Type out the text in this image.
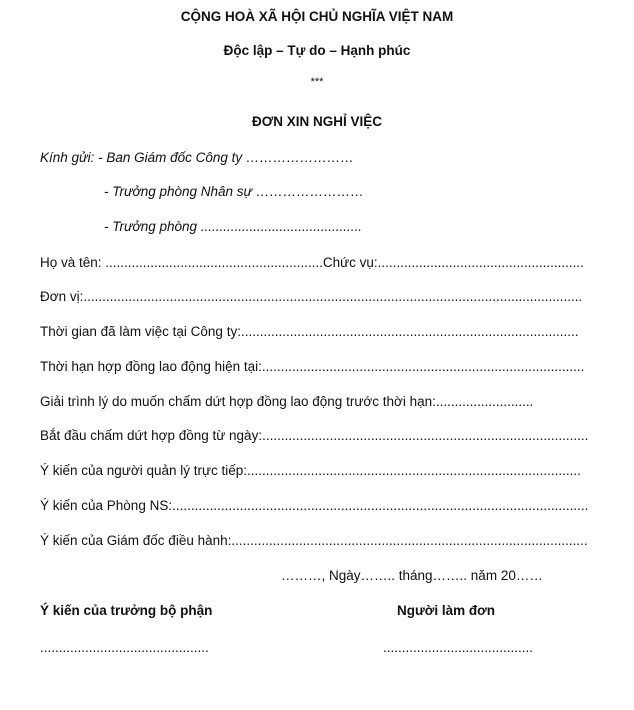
CỘNG HOÀ XÃ HỘI CHỦ NGHĨA VIỆT NAM
Độc lập – Tự do – Hạnh phúc
***
ĐƠN XIN NGHỈ VIỆC
Kính gửi: - Ban Giám đốc Công ty ……………………
- Trưởng phòng Nhân sự ……………………
- Trưởng phòng ...........................................
Họ và tên: ..........................................................Chức vụ:.......................................................
Đơn vị:.....................................................................................................................................
Thời gian đã làm việc tại Công ty:..........................................................................................
Thời hạn hợp đồng lao động hiện tại:......................................................................................
Giải trình lý do muốn chấm dứt hợp đồng lao động trước thời hạn:..........................
Bắt đầu chấm dứt hợp đồng từ ngày:.......................................................................................
Ý kiến của người quản lý trực tiếp:.........................................................................................
Ý kiến của Phòng NS:...............................................................................................................
Ý kiến của Giám đốc điều hành:...............................................................................................
………, Ngày…….. tháng…….. năm 20……
Ý kiến của trưởng bộ phận	Người làm đơn
.............................................	........................................
